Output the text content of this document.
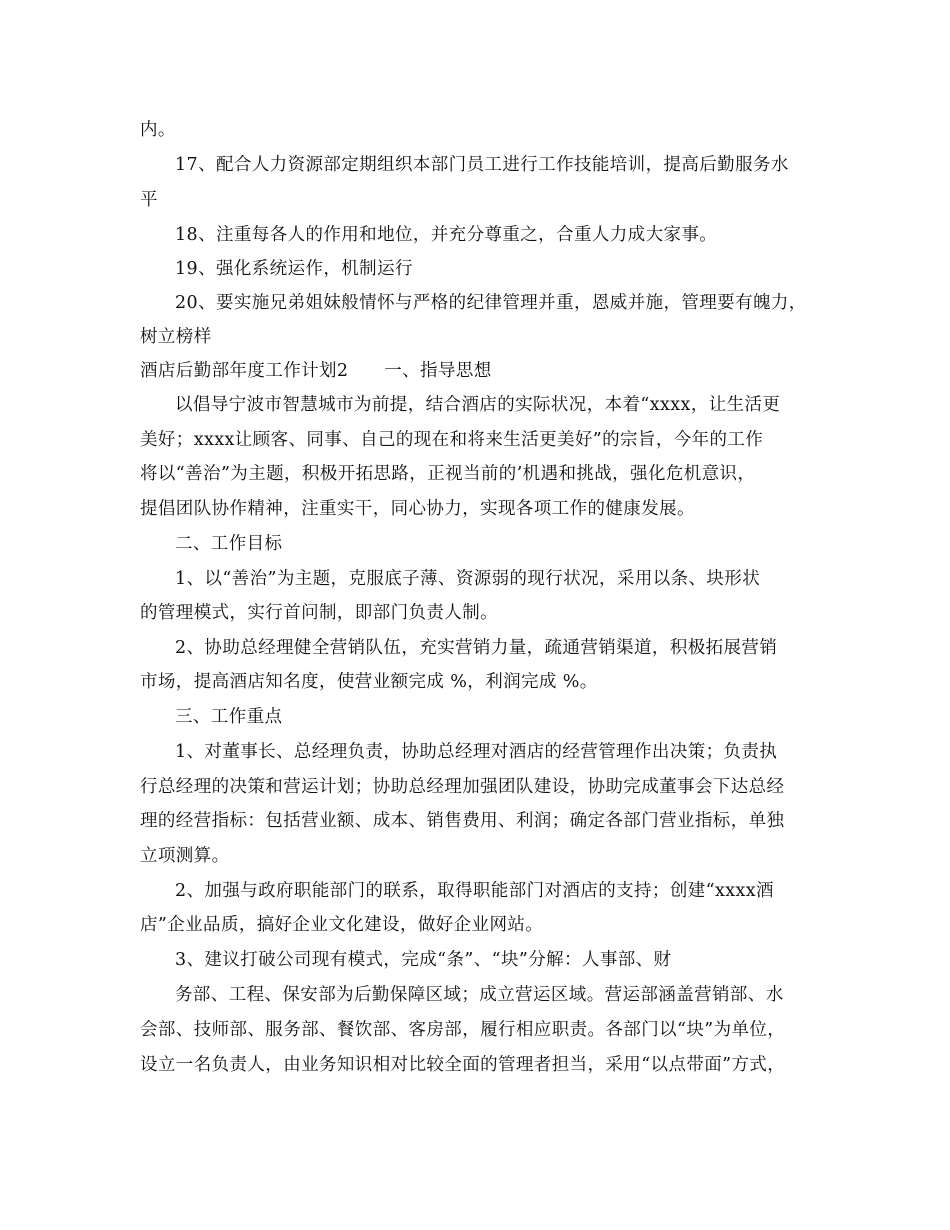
内。
17、配合人力资源部定期组织本部门员工进行工作技能培训，提高后勤服务水
平
18、注重每各人的作用和地位，并充分尊重之，合重人力成大家事。
19、强化系统运作，机制运行
20、要实施兄弟姐妹般情怀与严格的纪律管理并重，恩威并施，管理要有魄力，
树立榜样
酒店后勤部年度工作计划2　　一、指导思想
以倡导宁波市智慧城市为前提，结合酒店的实际状况，本着“xxxx，让生活更
美好；xxxx让顾客、同事、自己的现在和将来生活更美好”的宗旨，今年的工作
将以“善治”为主题，积极开拓思路，正视当前的’机遇和挑战，强化危机意识，
提倡团队协作精神，注重实干，同心协力，实现各项工作的健康发展。
二、工作目标
1、以“善治”为主题，克服底子薄、资源弱的现行状况，采用以条、块形状
的管理模式，实行首问制，即部门负责人制。
2、协助总经理健全营销队伍，充实营销力量，疏通营销渠道，积极拓展营销
市场，提高酒店知名度，使营业额完成 %，利润完成 %。
三、工作重点
1、对董事长、总经理负责，协助总经理对酒店的经营管理作出决策；负责执
行总经理的决策和营运计划；协助总经理加强团队建设，协助完成董事会下达总经
理的经营指标：包括营业额、成本、销售费用、利润；确定各部门营业指标，单独
立项测算。
2、加强与政府职能部门的联系，取得职能部门对酒店的支持；创建“xxxx酒
店”企业品质，搞好企业文化建设，做好企业网站。
3、建议打破公司现有模式，完成“条”、“块”分解：人事部、财
务部、工程、保安部为后勤保障区域；成立营运区域。营运部涵盖营销部、水
会部、技师部、服务部、餐饮部、客房部，履行相应职责。各部门以“块”为单位，
设立一名负责人，由业务知识相对比较全面的管理者担当，采用“以点带面”方式，
